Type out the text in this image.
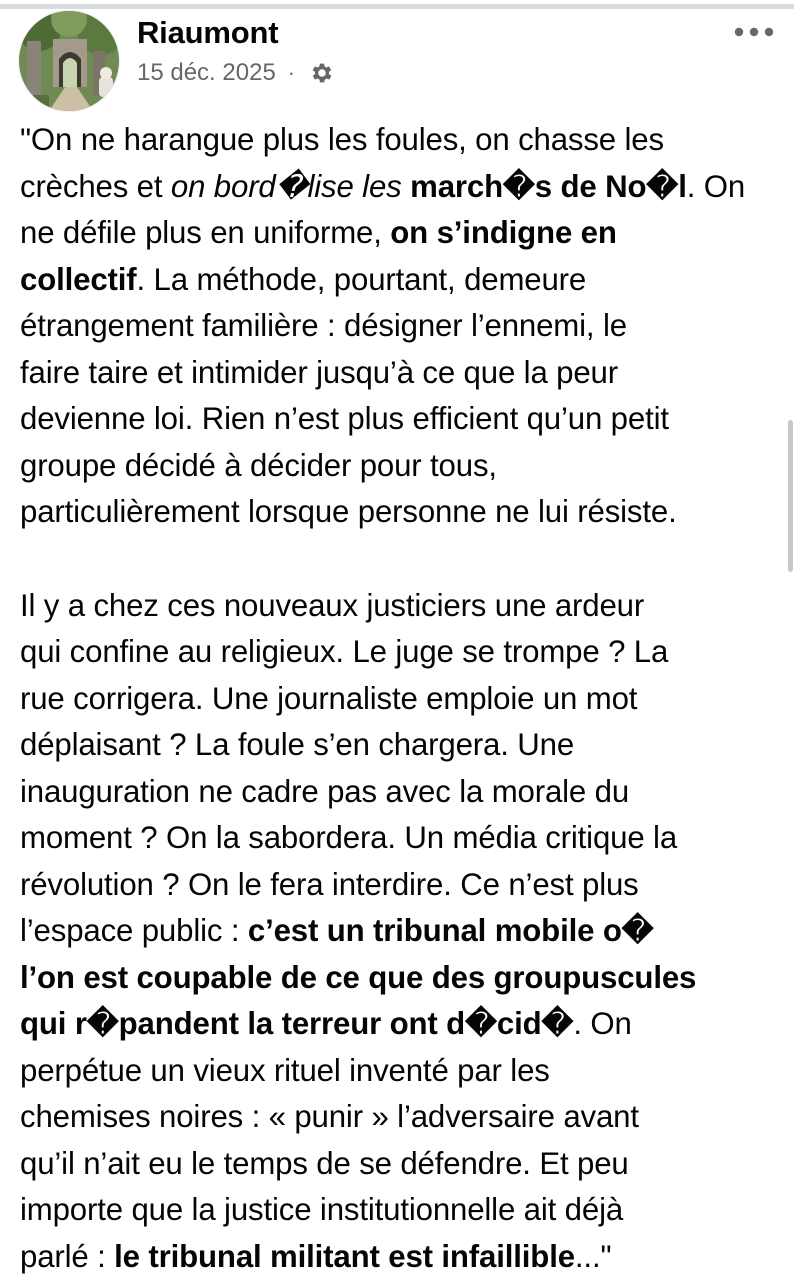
Riaumont
15 déc. 2025 ·
"On ne harangue plus les foules, on chasse les
crèches et on bord�lise les march�s de No�l. On
ne défile plus en uniforme, on s’indigne en
collectif. La méthode, pourtant, demeure
étrangement familière : désigner l’ennemi, le
faire taire et intimider jusqu’à ce que la peur
devienne loi. Rien n’est plus efficient qu’un petit
groupe décidé à décider pour tous,
particulièrement lorsque personne ne lui résiste.
Il y a chez ces nouveaux justiciers une ardeur
qui confine au religieux. Le juge se trompe ? La
rue corrigera. Une journaliste emploie un mot
déplaisant ? La foule s’en chargera. Une
inauguration ne cadre pas avec la morale du
moment ? On la sabordera. Un média critique la
révolution ? On le fera interdire. Ce n’est plus
l’espace public : c’est un tribunal mobile o�
l’on est coupable de ce que des groupuscules
qui r�pandent la terreur ont d�cid�. On
perpétue un vieux rituel inventé par les
chemises noires : « punir » l’adversaire avant
qu’il n’ait eu le temps de se défendre. Et peu
importe que la justice institutionnelle ait déjà
parlé : le tribunal militant est infaillible..."
